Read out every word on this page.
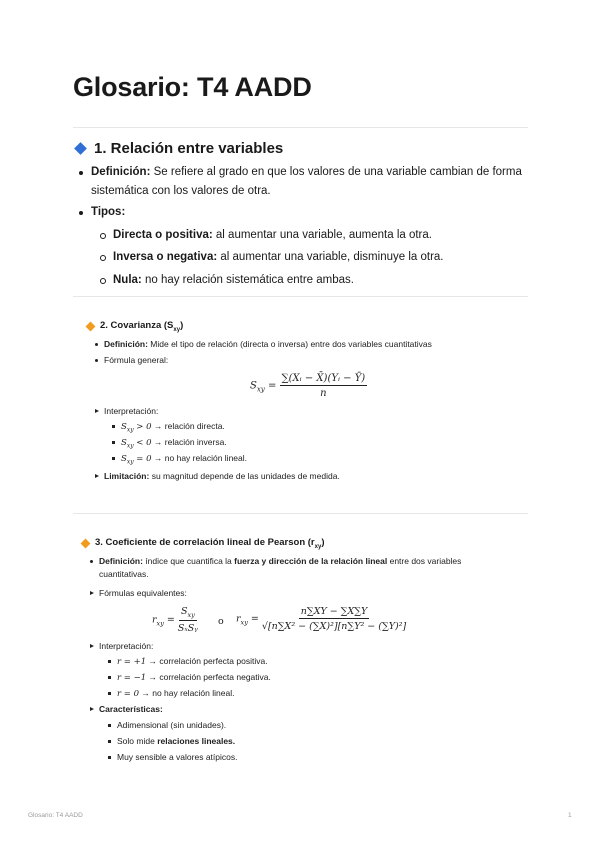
Glosario: T4 AADD
1. Relación entre variables
Definición: Se refiere al grado en que los valores de una variable cambian de forma
sistemática con los valores de otra.
Tipos:
Directa o positiva: al aumentar una variable, aumenta la otra.
Inversa o negativa: al aumentar una variable, disminuye la otra.
Nula: no hay relación sistemática entre ambas.
2. Covarianza $(S_{xy})$
Definición: Mide el tipo de relación (directa o inversa) entre dos variables cuantitativas
Fórmula general:
$S_{xy} = \frac{\text{∑(Xᵢ − X̄)(Yᵢ − Ȳ)}}{n}$
Interpretación:
$S_{xy} > 0$ → relación directa.
$S_{xy} < 0$ → relación inversa.
$S_{xy} = 0$ → no hay relación lineal.
Limitación: su magnitud depende de las unidades de medida.
3. Coeficiente de correlación lineal de Pearson $(r_{xy})$
Definición: índice que cuantifica la fuerza y dirección de la relación lineal entre dos variables
cuantitativas.
Fórmulas equivalentes:
$r_{xy} = \frac{S_{xy}}{\text{SₓSᵧ}}$ o $r_{xy} = \frac{n\sum XY - \sum X\sum Y}{\text{√[n∑X² − (∑X)²][n∑Y² − (∑Y)²]}}$
Interpretación:
r = +1 → correlación perfecta positiva.
r = −1 → correlación perfecta negativa.
r = 0 → no hay relación lineal.
Características:
Adimensional (sin unidades).
Solo mide relaciones lineales.
Muy sensible a valores atípicos.
Glosario: T4 AADD	1
